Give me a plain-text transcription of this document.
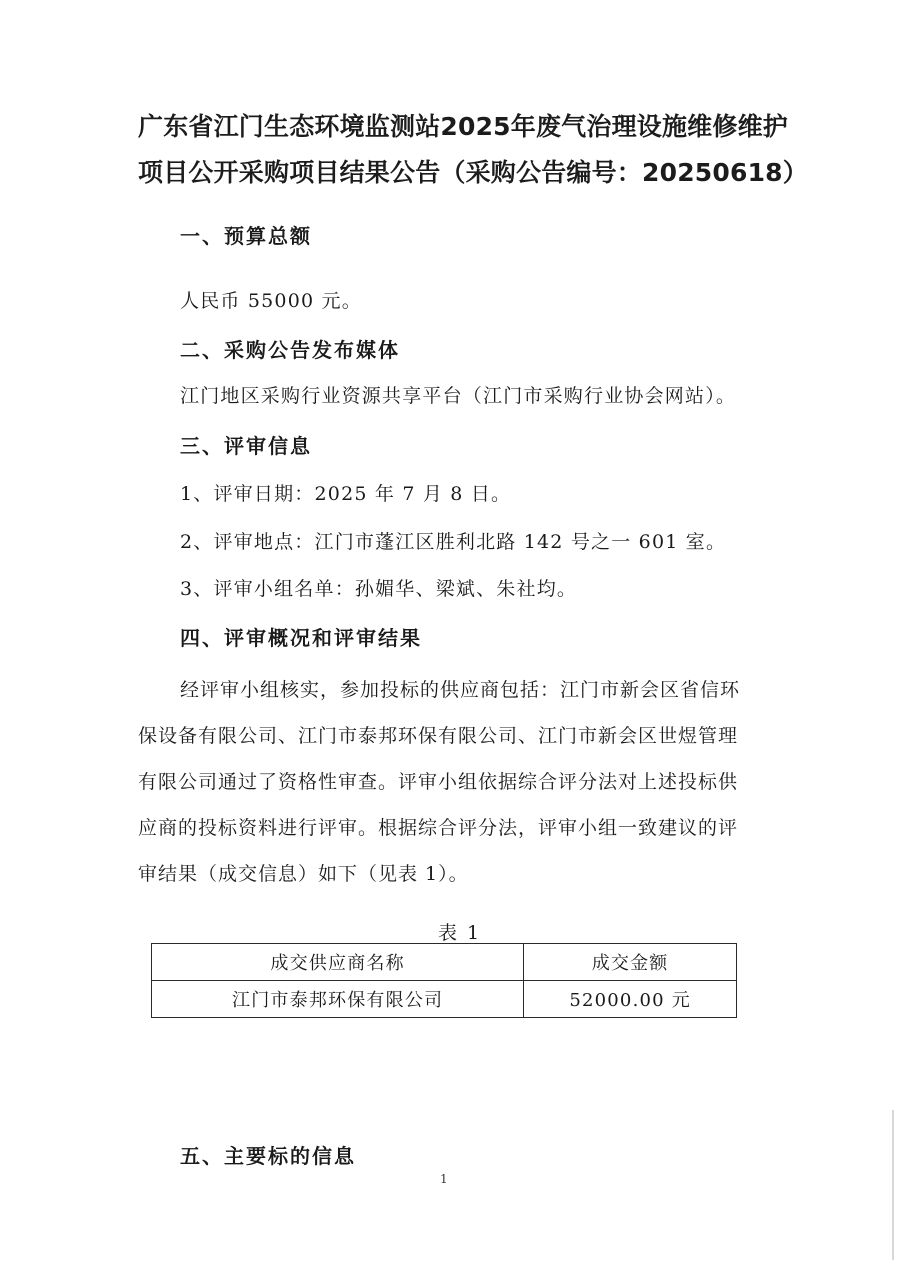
广东省江门生态环境监测站2025年废气治理设施维修维护
项目公开采购项目结果公告（采购公告编号：20250618）
一、预算总额
人民币 55000 元。
二、采购公告发布媒体
江门地区采购行业资源共享平台（江门市采购行业协会网站）。
三、评审信息
1、评审日期：2025 年 7 月 8 日。
2、评审地点：江门市蓬江区胜利北路 142 号之一 601 室。
3、评审小组名单：孙媚华、梁斌、朱社均。
四、评审概况和评审结果
经评审小组核实，参加投标的供应商包括：江门市新会区省信环
保设备有限公司、江门市泰邦环保有限公司、江门市新会区世煜管理
有限公司通过了资格性审查。评审小组依据综合评分法对上述投标供
应商的投标资料进行评审。根据综合评分法，评审小组一致建议的评
审结果（成交信息）如下（见表 1）。
表 1
成交供应商名称	成交金额
江门市泰邦环保有限公司	52000.00 元
五、主要标的信息
1
